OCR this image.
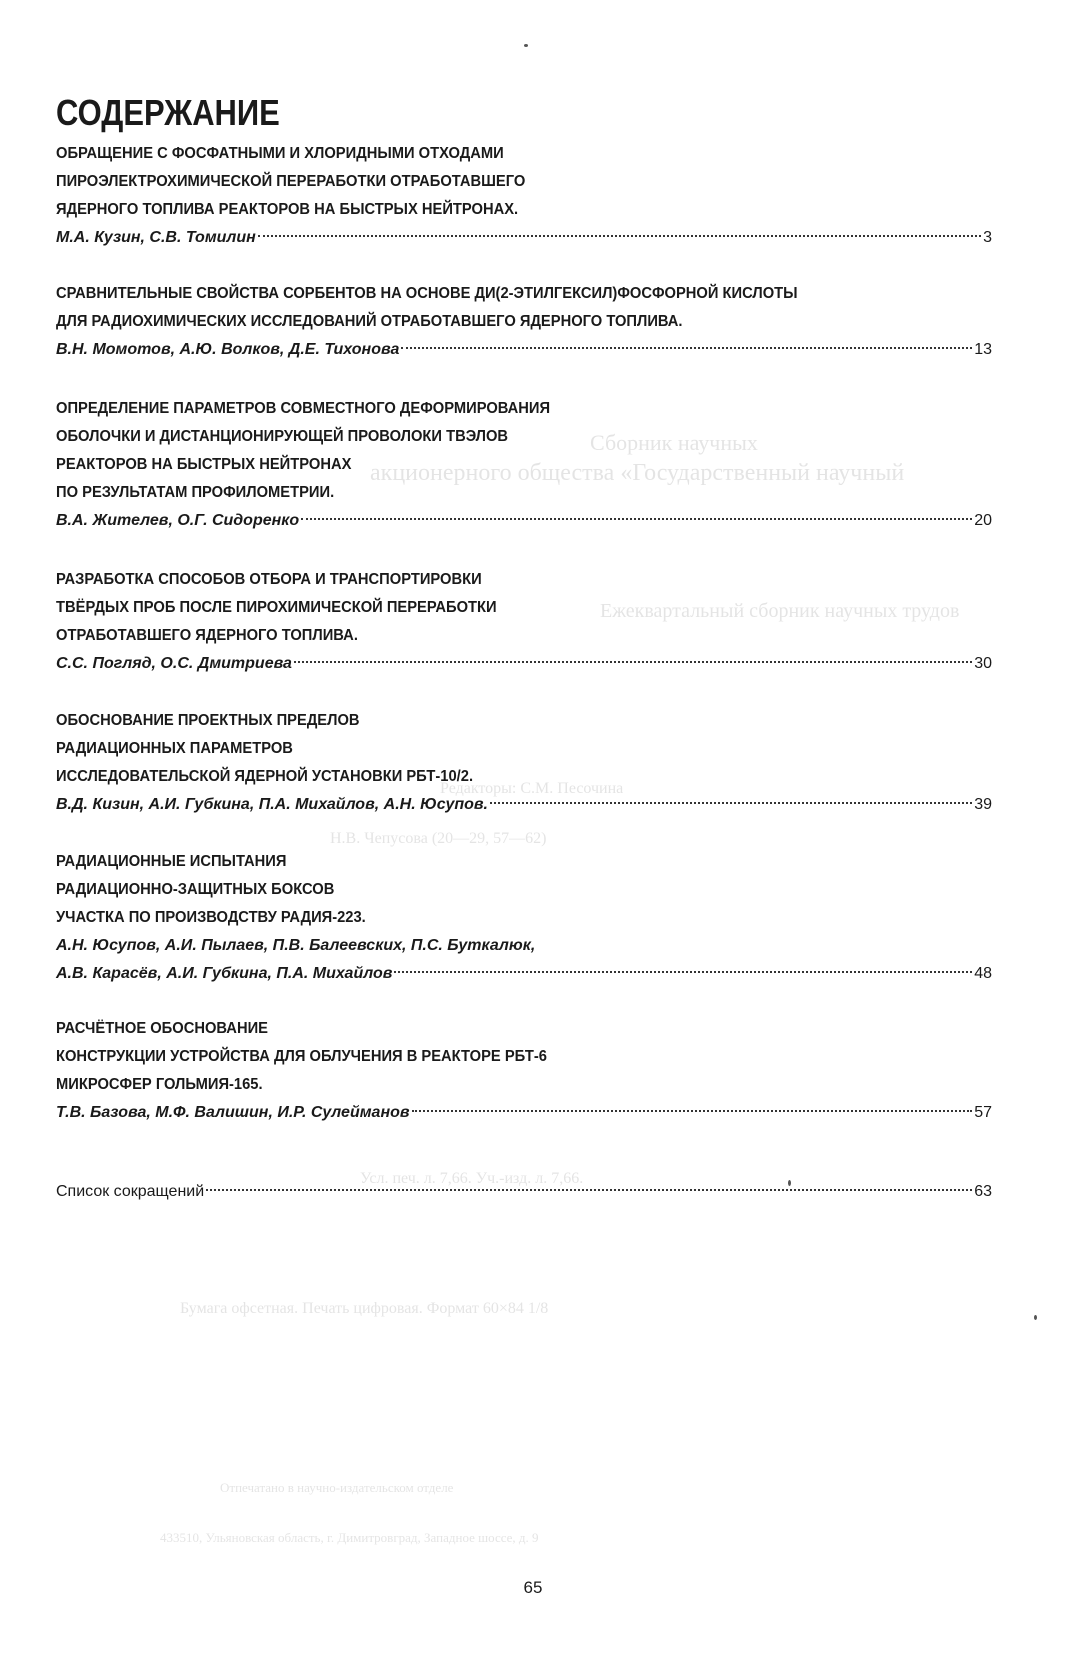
Сборник научных
акционерного общества «Государственный научный
Ежеквартальный сборник научных трудов
Редакторы: С.М. Песочина
Н.В. Чепусова (20—29, 57—62)
Усл. печ. л. 7,66. Уч.-изд. л. 7,66.
Бумага офсетная. Печать цифровая. Формат 60×84 1/8
Отпечатано в научно-издательском отделе
433510, Ульяновская область, г. Димитровград, Западное шоссе, д. 9
СОДЕРЖАНИЕ
ОБРАЩЕНИЕ С ФОСФАТНЫМИ И ХЛОРИДНЫМИ ОТХОДАМИ
ПИРОЭЛЕКТРОХИМИЧЕСКОЙ ПЕРЕРАБОТКИ ОТРАБОТАВШЕГО
ЯДЕРНОГО ТОПЛИВА РЕАКТОРОВ НА БЫСТРЫХ НЕЙТРОНАХ.
М.А. Кузин, С.В. Томилин	3
СРАВНИТЕЛЬНЫЕ СВОЙСТВА СОРБЕНТОВ НА ОСНОВЕ ДИ(2-ЭТИЛГЕКСИЛ)ФОСФОРНОЙ КИСЛОТЫ
ДЛЯ РАДИОХИМИЧЕСКИХ ИССЛЕДОВАНИЙ ОТРАБОТАВШЕГО ЯДЕРНОГО ТОПЛИВА.
В.Н. Момотов, А.Ю. Волков, Д.Е. Тихонова	13
ОПРЕДЕЛЕНИЕ ПАРАМЕТРОВ СОВМЕСТНОГО ДЕФОРМИРОВАНИЯ
ОБОЛОЧКИ И ДИСТАНЦИОНИРУЮЩЕЙ ПРОВОЛОКИ ТВЭЛОВ
РЕАКТОРОВ НА БЫСТРЫХ НЕЙТРОНАХ
ПО РЕЗУЛЬТАТАМ ПРОФИЛОМЕТРИИ.
В.А. Жителев, О.Г. Сидоренко	20
РАЗРАБОТКА СПОСОБОВ ОТБОРА И ТРАНСПОРТИРОВКИ
ТВЁРДЫХ ПРОБ ПОСЛЕ ПИРОХИМИЧЕСКОЙ ПЕРЕРАБОТКИ
ОТРАБОТАВШЕГО ЯДЕРНОГО ТОПЛИВА.
С.С. Погляд, О.С. Дмитриева	30
ОБОСНОВАНИЕ ПРОЕКТНЫХ ПРЕДЕЛОВ
РАДИАЦИОННЫХ ПАРАМЕТРОВ
ИССЛЕДОВАТЕЛЬСКОЙ ЯДЕРНОЙ УСТАНОВКИ РБТ-10/2.
В.Д. Кизин, А.И. Губкина, П.А. Михайлов, А.Н. Юсупов.	39
РАДИАЦИОННЫЕ ИСПЫТАНИЯ
РАДИАЦИОННО-ЗАЩИТНЫХ БОКСОВ
УЧАСТКА ПО ПРОИЗВОДСТВУ РАДИЯ-223.
А.Н. Юсупов, А.И. Пылаев, П.В. Балеевских, П.С. Буткалюк,
А.В. Карасёв, А.И. Губкина, П.А. Михайлов	48
РАСЧЁТНОЕ ОБОСНОВАНИЕ
КОНСТРУКЦИИ УСТРОЙСТВА ДЛЯ ОБЛУЧЕНИЯ В РЕАКТОРЕ РБТ-6
МИКРОСФЕР ГОЛЬМИЯ-165.
Т.В. Базова, М.Ф. Валишин, И.Р. Сулейманов	57
Список сокращений	63
65
